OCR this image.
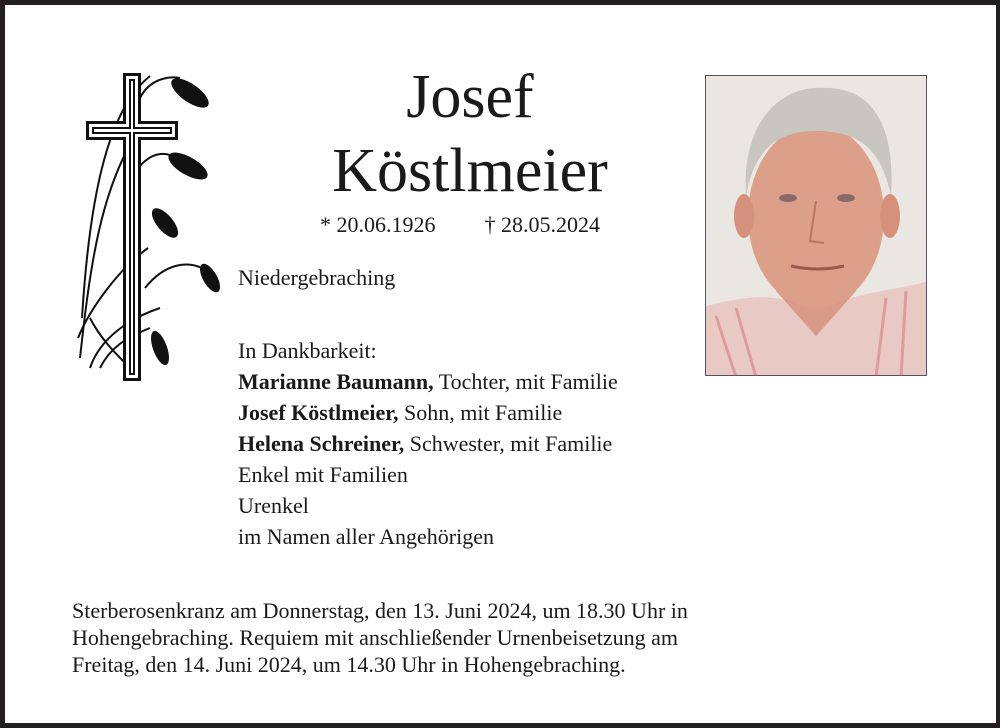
Josef
Köstlmeier
* 20.06.1926 † 28.05.2024
Niedergebraching
In Dankbarkeit:
Marianne Baumann, Tochter, mit Familie
Josef Köstlmeier, Sohn, mit Familie
Helena Schreiner, Schwester, mit Familie
Enkel mit Familien
Urenkel
im Namen aller Angehörigen
Sterberosenkranz am Donnerstag, den 13. Juni 2024, um 18.30 Uhr in
Hohengebraching. Requiem mit anschließender Urnenbeisetzung am
Freitag, den 14. Juni 2024, um 14.30 Uhr in Hohengebraching.
